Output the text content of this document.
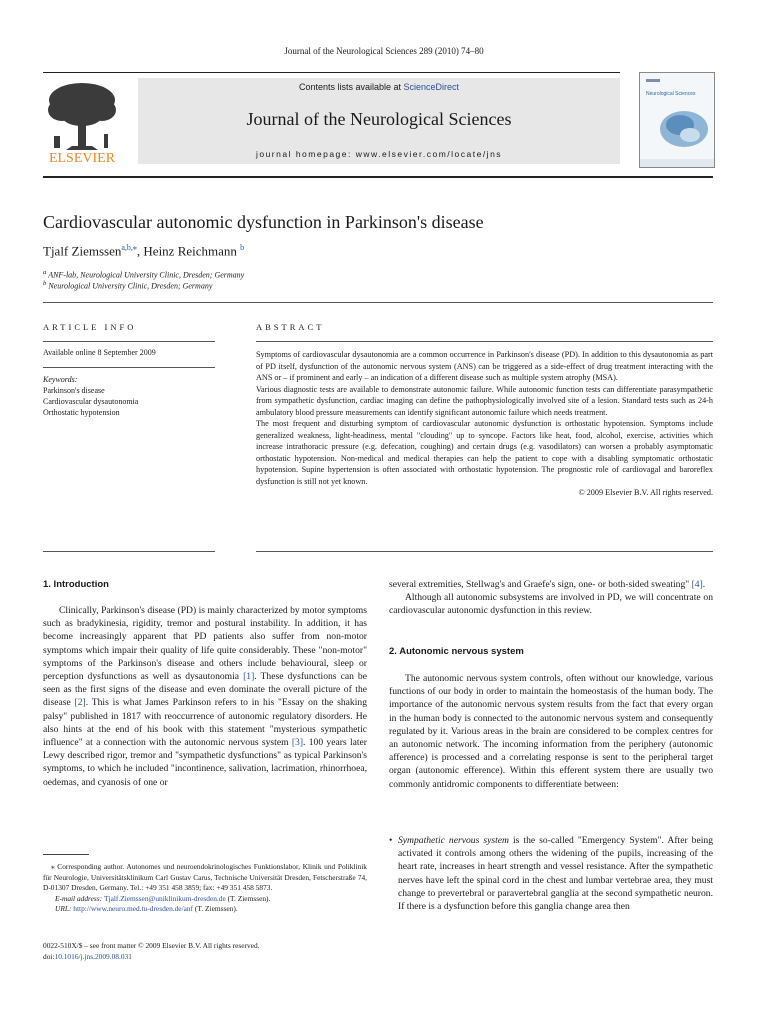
Journal of the Neurological Sciences 289 (2010) 74–80
ELSEVIER
Contents lists available at ScienceDirect
Journal of the Neurological Sciences
journal homepage: www.elsevier.com/locate/jns
Neurological Sciences
Cardiovascular autonomic dysfunction in Parkinson's disease
Tjalf Ziemssen$^{a,b,⁎}$, Heinz Reichmann $^b$
$^a$ ANF-lab, Neurological University Clinic, Dresden; Germany
$^b$ Neurological University Clinic, Dresden; Germany
ARTICLE INFO
Available online 8 September 2009
Keywords:
Parkinson's disease
Cardiovascular dysautonomia
Orthostatic hypotension
ABSTRACT

Symptoms of cardiovascular dysautonomia are a common occurrence in Parkinson's disease (PD). In addition to this dysautonomia as part of PD itself, dysfunction of the autonomic nervous system (ANS) can be triggered as a side-effect of drug treatment interacting with the ANS or – if prominent and early – an indication of a different disease such as multiple system atrophy (MSA).

Various diagnostic tests are available to demonstrate autonomic failure. While autonomic function tests can differentiate parasympathetic from sympathetic dysfunction, cardiac imaging can define the pathophysiologically involved site of a lesion. Standard tests such as 24-h ambulatory blood pressure measurements can identify significant autonomic failure which needs treatment.

The most frequent and disturbing symptom of cardiovascular autonomic dysfunction is orthostatic hypotension. Symptoms include generalized weakness, light-headiness, mental "clouding" up to syncope. Factors like heat, food, alcohol, exercise, activities which increase intrathoracic pressure (e.g. defecation, coughing) and certain drugs (e.g. vasodilators) can worsen a probably asymptomatic orthostatic hypotension. Non-medical and medical therapies can help the patient to cope with a disabling symptomatic orthostatic hypotension. Supine hypertension is often associated with orthostatic hypotension. The prognostic role of cardiovagal and baroreflex dysfunction is still not yet known.

© 2009 Elsevier B.V. All rights reserved.

1. Introduction

Clinically, Parkinson's disease (PD) is mainly characterized by motor symptoms such as bradykinesia, rigidity, tremor and postural instability. In addition, it has become increasingly apparent that PD patients also suffer from non-motor symptoms which impair their quality of life quite considerably. These "non-motor" symptoms of the Parkinson's disease and others include behavioural, sleep or perception dysfunctions as well as dysautonomia [1]. These dysfunctions can be seen as the first signs of the disease and even dominate the overall picture of the disease [2]. This is what James Parkinson refers to in his "Essay on the shaking palsy" published in 1817 with reoccurrence of autonomic regulatory disorders. He also hints at the end of his book with this statement "mysterious sympathetic influence" at a connection with the autonomic nervous system [3]. 100 years later Lewy described rigor, tremor and "sympathetic dysfunctions" as typical Parkinson's symptoms, to which he included "incontinence, salivation, lacrimation, rhinorrhoea, oedemas, and cyanosis of one or

⁎ Corresponding author. Autonomes und neuroendokrinologisches Funktionslabor, Klinik und Poliklinik für Neurologie, Universitätsklinikum Carl Gustav Carus, Technische Universität Dresden, Fetscherstraße 74, D-01307 Dresden, Germany. Tel.: +49 351 458 3859; fax: +49 351 458 5873.

E-mail address: Tjalf.Ziemssen@uniklinikum-dresden.de (T. Ziemssen).

URL: http://www.neuro.med.tu-dresden.de/anf (T. Ziemssen).

0022-510X/$ – see front matter © 2009 Elsevier B.V. All rights reserved.
doi:10.1016/j.jns.2009.08.031

several extremities, Stellwag's and Graefe's sign, one- or both-sided sweating" [4].

Although all autonomic subsystems are involved in PD, we will concentrate on cardiovascular autonomic dysfunction in this review.

2. Autonomic nervous system

The autonomic nervous system controls, often without our knowledge, various functions of our body in order to maintain the homeostasis of the human body. The importance of the autonomic nervous system results from the fact that every organ in the human body is connected to the autonomic nervous system and consequently regulated by it. Various areas in the brain are considered to be complex centres for an autonomic network. The incoming information from the periphery (autonomic afference) is processed and a correlating response is sent to the peripheral target organ (autonomic efference). Within this efferent system there are usually two commonly antidromic components to differentiate between:

• Sympathetic nervous system is the so-called "Emergency System". After being activated it controls among others the widening of the pupils, increasing of the heart rate, increases in heart strength and vessel resistance. After the sympathetic nerves have left the spinal cord in the chest and lumbar vertebrae area, they must change to prevertebral or paravertebral ganglia at the second sympathetic neuron. If there is a dysfunction before this ganglia change area then
